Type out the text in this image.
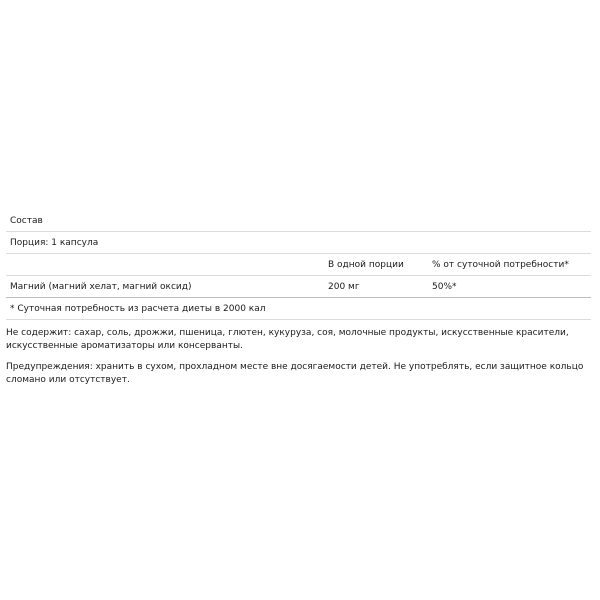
Состав		
Порция: 1 капсула		
	В одной порции	% от суточной потребности*
Магний (магний хелат, магний оксид)	200 мг	50%*
* Суточная потребность из расчета диеты в 2000 кал		

Не содержит: сахар, соль, дрожжи, пшеница, глютен, кукуруза, соя, молочные продукты, искусственные красители, искусственные ароматизаторы или консерванты.

Предупреждения: хранить в сухом, прохладном месте вне досягаемости детей. Не употреблять, если защитное кольцо сломано или отсутствует.
